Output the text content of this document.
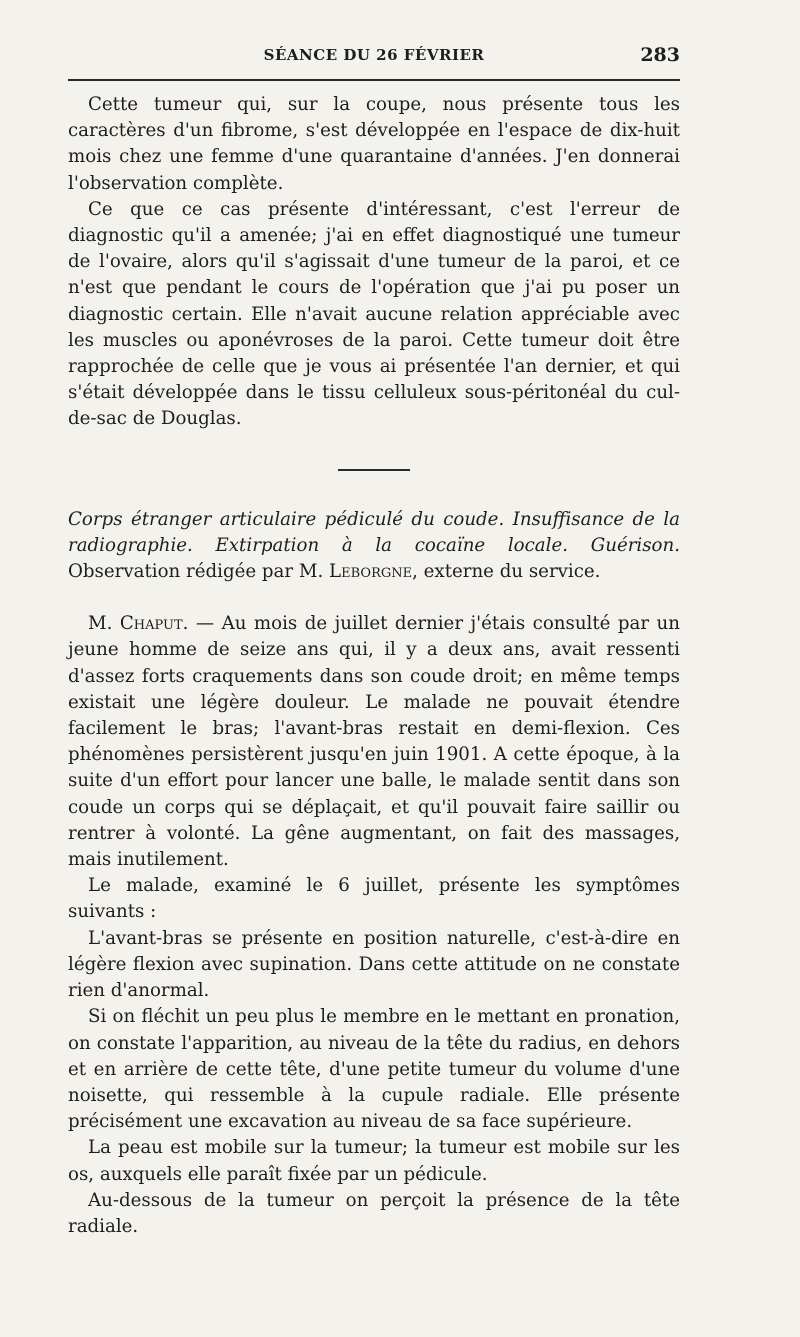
SÉANCE DU 26 FÉVRIER	283

Cette tumeur qui, sur la coupe, nous présente tous les caractères d'un fibrome, s'est développée en l'espace de dix-huit mois chez une femme d'une quarantaine d'années. J'en donnerai l'observation complète.

Ce que ce cas présente d'intéressant, c'est l'erreur de diagnostic qu'il a amenée; j'ai en effet diagnostiqué une tumeur de l'ovaire, alors qu'il s'agissait d'une tumeur de la paroi, et ce n'est que pendant le cours de l'opération que j'ai pu poser un diagnostic certain. Elle n'avait aucune relation appréciable avec les muscles ou aponévroses de la paroi. Cette tumeur doit être rapprochée de celle que je vous ai présentée l'an dernier, et qui s'était développée dans le tissu celluleux sous-péritonéal du cul-de-sac de Douglas.

Corps étranger articulaire pédiculé du coude. Insuffisance de la radiographie. Extirpation à la cocaïne locale. Guérison. Observation rédigée par M. Leborgne, externe du service.

M. Chaput. — Au mois de juillet dernier j'étais consulté par un jeune homme de seize ans qui, il y a deux ans, avait ressenti d'assez forts craquements dans son coude droit; en même temps existait une légère douleur. Le malade ne pouvait étendre facilement le bras; l'avant-bras restait en demi-flexion. Ces phénomènes persistèrent jusqu'en juin 1901. A cette époque, à la suite d'un effort pour lancer une balle, le malade sentit dans son coude un corps qui se déplaçait, et qu'il pouvait faire saillir ou rentrer à volonté. La gêne augmentant, on fait des massages, mais inutilement.

Le malade, examiné le 6 juillet, présente les symptômes suivants :

L'avant-bras se présente en position naturelle, c'est-à-dire en légère flexion avec supination. Dans cette attitude on ne constate rien d'anormal.

Si on fléchit un peu plus le membre en le mettant en pronation, on constate l'apparition, au niveau de la tête du radius, en dehors et en arrière de cette tête, d'une petite tumeur du volume d'une noisette, qui ressemble à la cupule radiale. Elle présente précisément une excavation au niveau de sa face supérieure.

La peau est mobile sur la tumeur; la tumeur est mobile sur les os, auxquels elle paraît fixée par un pédicule.

Au-dessous de la tumeur on perçoit la présence de la tête radiale.
